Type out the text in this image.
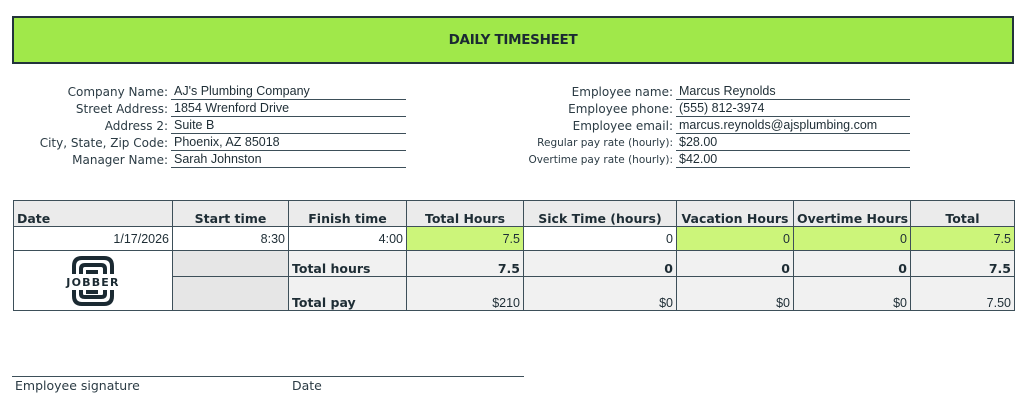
DAILY TIMESHEET
Company Name: AJ's Plumbing Company
Street Address: 1854 Wrenford Drive
Address 2: Suite B
City, State, Zip Code: Phoenix, AZ 85018
Manager Name: Sarah Johnston
Employee name: Marcus Reynolds
Employee phone: (555) 812-3974
Employee email: marcus.reynolds@ajsplumbing.com
Regular pay rate (hourly): $28.00
Overtime pay rate (hourly): $42.00
Date	Start time	Finish time	Total Hours	Sick Time (hours)	Vacation Hours	Overtime Hours	Total
1/17/2026	8:30	4:00	7.5	0	0	0	7.5

JOBBER		Total hours	7.5	0	0	0	7.5
		Total pay	$210	$0	$0	$0	7.50
Employee signature	Date
